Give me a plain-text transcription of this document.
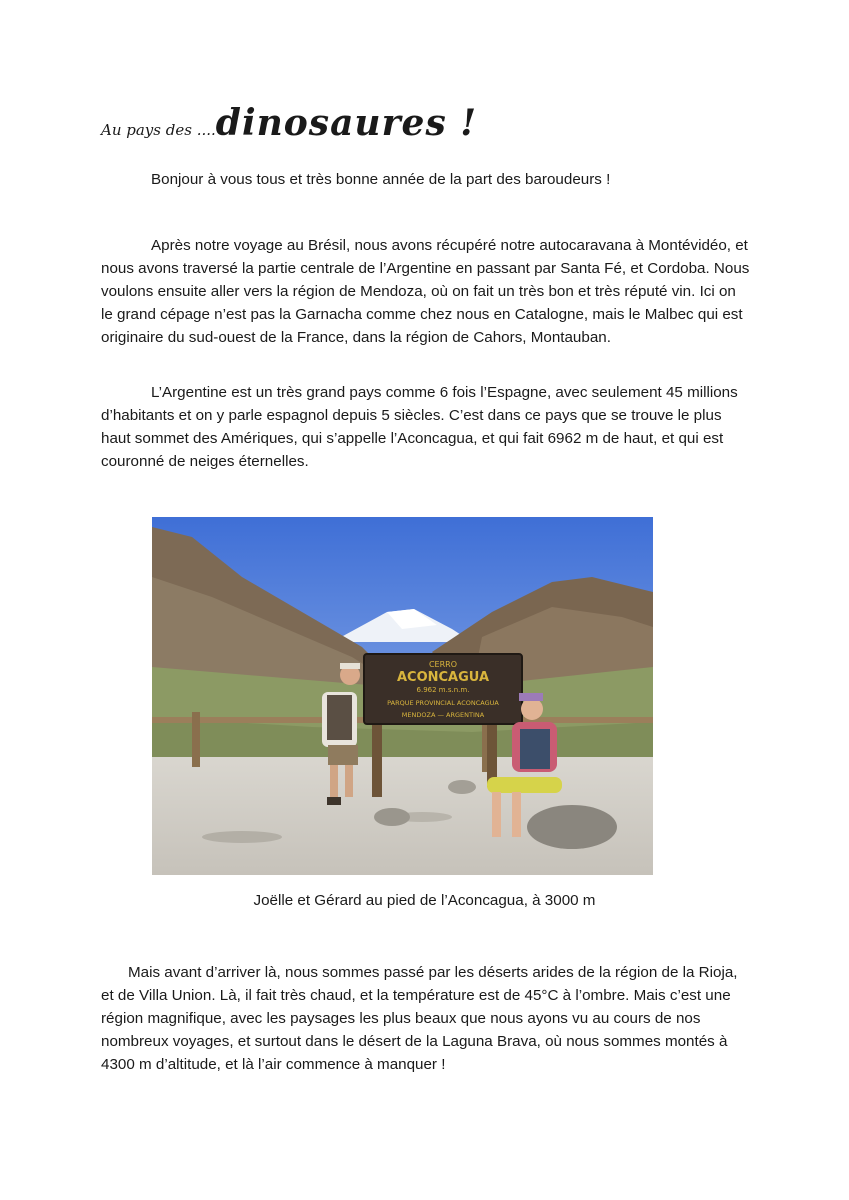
Au pays des ....dinosaures !
Bonjour à vous tous et très bonne année de la part des baroudeurs !
Après notre voyage au Brésil, nous avons récupéré notre autocaravana à Montévidéo, et nous avons traversé la partie centrale de l’Argentine en passant par Santa Fé, et Cordoba. Nous voulons ensuite aller vers la région de Mendoza, où on fait un très bon et très réputé vin. Ici on le grand cépage n’est pas la Garnacha comme chez nous en Catalogne, mais le Malbec qui est originaire du sud-ouest de la France, dans la région de Cahors, Montauban.
L’Argentine est un très grand pays comme 6 fois l’Espagne, avec seulement 45 millions d’habitants et on y parle espagnol depuis 5 siècles. C’est dans ce pays que se trouve le plus haut sommet des Amériques, qui s’appelle l’Aconcagua, et qui fait 6962 m de haut, et qui est couronné de neiges éternelles.
CERRO
ACONCAGUA
6.962 m.s.n.m.
PARQUE PROVINCIAL ACONCAGUA
MENDOZA — ARGENTINA
Joëlle et Gérard au pied de l’Aconcagua, à 3000 m
Mais avant d’arriver là, nous sommes passé par les déserts arides de la région de la Rioja, et de Villa Union. Là, il fait très chaud, et la température est de 45°C à l’ombre. Mais c’est une région magnifique, avec les paysages les plus beaux que nous ayons vu au cours de nos nombreux voyages, et surtout dans le désert de la Laguna Brava, où nous sommes montés à 4300 m d’altitude, et là l’air commence à manquer !
